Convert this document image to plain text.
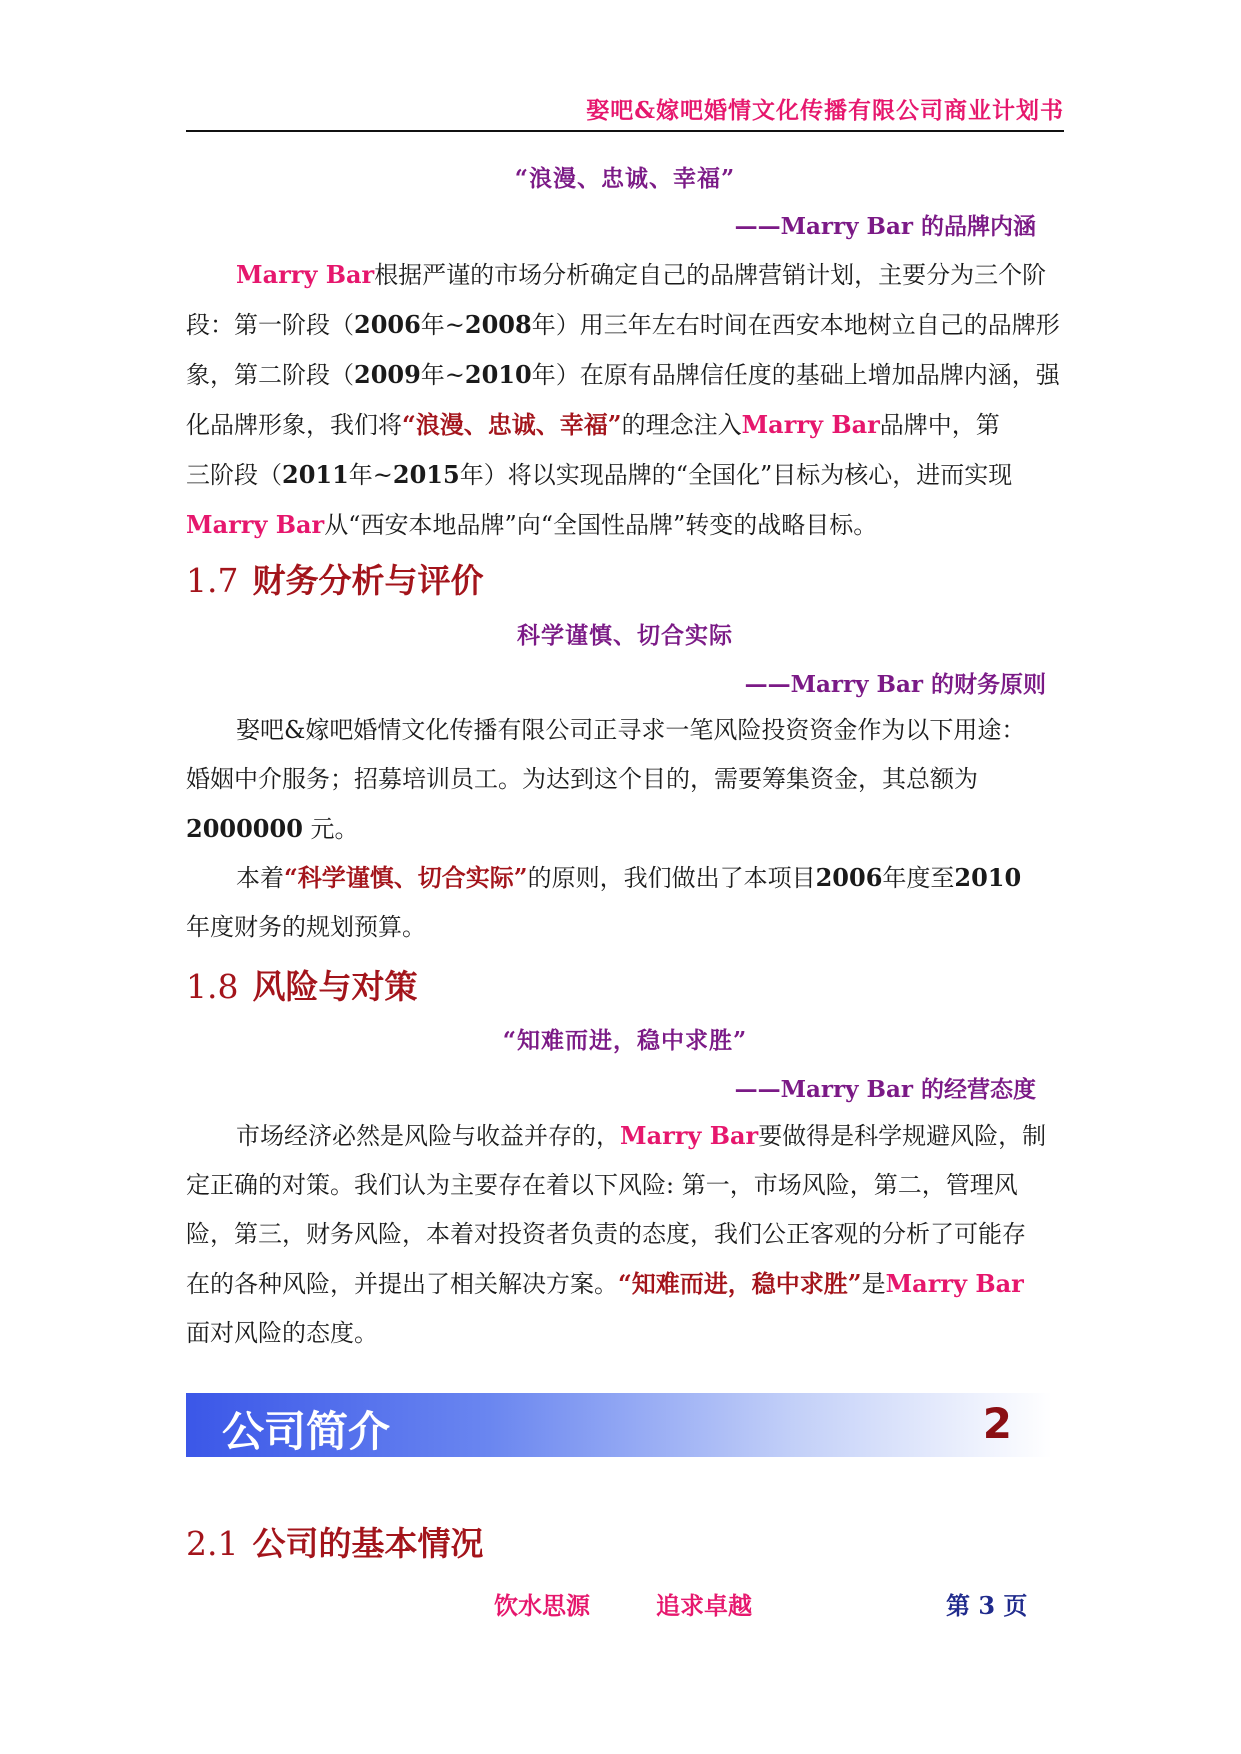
娶吧&嫁吧婚情文化传播有限公司商业计划书
“浪漫、忠诚、幸福”
——Marry Bar 的品牌内涵
Marry Bar根据严谨的市场分析确定自己的品牌营销计划，主要分为三个阶
段：第一阶段（2006年~2008年）用三年左右时间在西安本地树立自己的品牌形
象，第二阶段（2009年~2010年）在原有品牌信任度的基础上增加品牌内涵，强
化品牌形象，我们将“浪漫、忠诚、幸福”的理念注入Marry Bar品牌中，第
三阶段（2011年~2015年）将以实现品牌的“全国化”目标为核心，进而实现
Marry Bar从“西安本地品牌”向“全国性品牌”转变的战略目标。
1.7 财务分析与评价
科学谨慎、切合实际
——Marry Bar 的财务原则
娶吧&嫁吧婚情文化传播有限公司正寻求一笔风险投资资金作为以下用途：
婚姻中介服务；招募培训员工。为达到这个目的，需要筹集资金，其总额为
2000000 元。
本着“科学谨慎、切合实际”的原则，我们做出了本项目2006年度至2010
年度财务的规划预算。
1.8 风险与对策
“知难而进，稳中求胜”
——Marry Bar 的经营态度
市场经济必然是风险与收益并存的，Marry Bar要做得是科学规避风险，制
定正确的对策。我们认为主要存在着以下风险: 第一，市场风险，第二，管理风
险，第三，财务风险，本着对投资者负责的态度，我们公正客观的分析了可能存
在的各种风险，并提出了相关解决方案。“知难而进，稳中求胜”是Marry Bar
面对风险的态度。
公司简介	2
2.1 公司的基本情况
饮水思源	追求卓越	第 3 页
